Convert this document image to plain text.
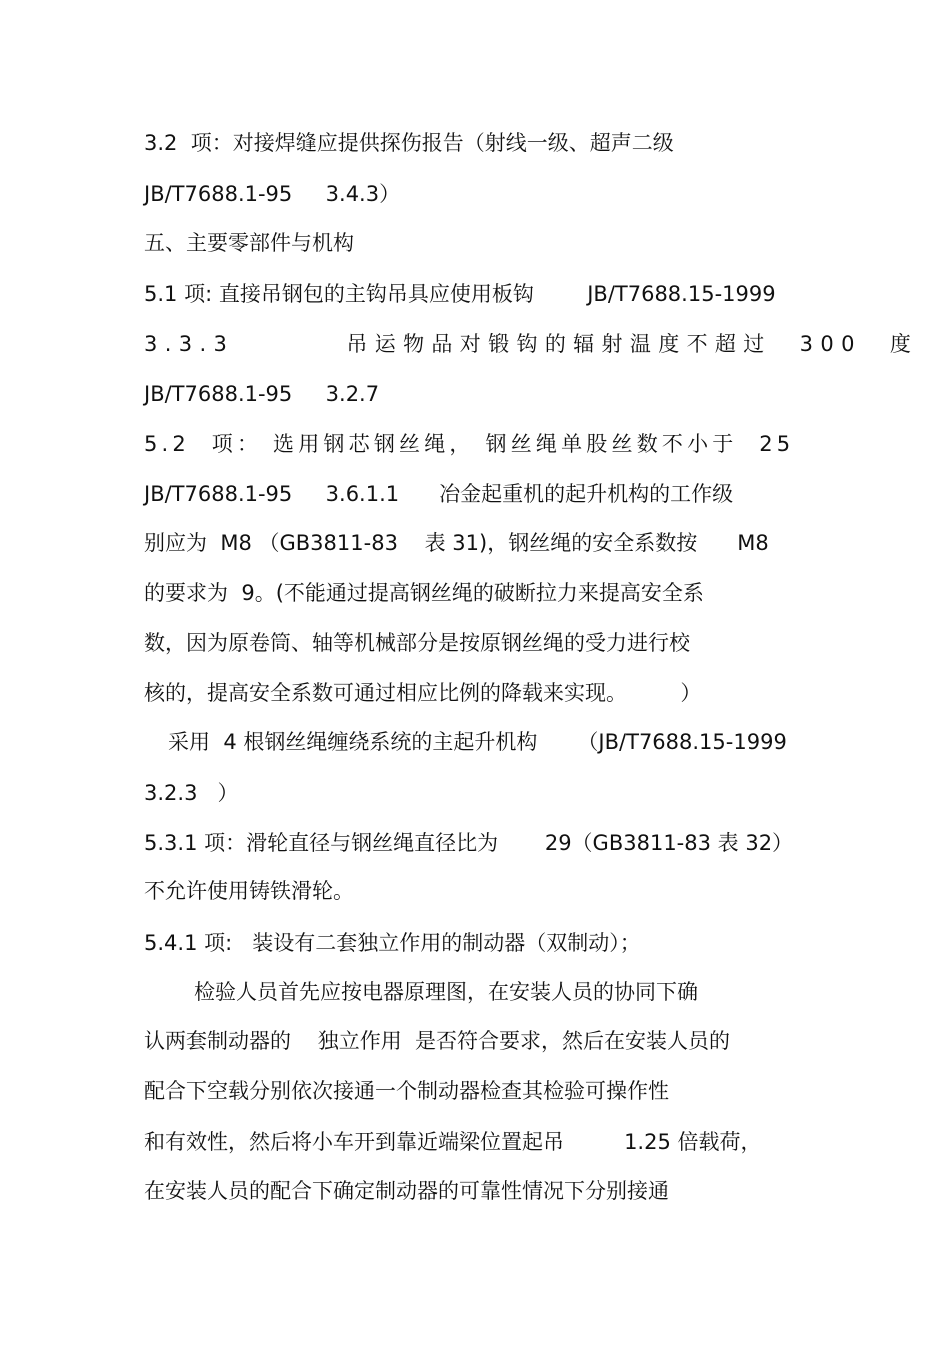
3.2  项：对接焊缝应提供探伤报告（射线一级、超声二级
JB/T7688.1-95     3.4.3）
五、主要零部件与机构
5.1 项: 直接吊钢包的主钩吊具应使用板钩        JB/T7688.15-1999
3.3.3        吊运物品对锻钩的辐射温度不超过  300  度
JB/T7688.1-95     3.2.7
5.2  项： 选用钢芯钢丝绳， 钢丝绳单股丝数不小于  25
JB/T7688.1-95     3.6.1.1      冶金起重机的起升机构的工作级
别应为  M8 （GB3811-83    表 31)，钢丝绳的安全系数按      M8
的要求为  9。(不能通过提高钢丝绳的破断拉力来提高安全系
数，因为原卷筒、轴等机械部分是按原钢丝绳的受力进行校
核的，提高安全系数可通过相应比例的降载来实现。        ）
采用  4 根钢丝绳缠绕系统的主起升机构      （JB/T7688.15-1999
3.2.3   ）
5.3.1 项：滑轮直径与钢丝绳直径比为       29（GB3811-83 表 32）
不允许使用铸铁滑轮。
5.4.1 项:   装设有二套独立作用的制动器（双制动）；
检验人员首先应按电器原理图，在安装人员的协同下确
认两套制动器的    独立作用  是否符合要求，然后在安装人员的
配合下空载分别依次接通一个制动器检查其检验可操作性
和有效性，然后将小车开到靠近端梁位置起吊         1.25 倍载荷，
在安装人员的配合下确定制动器的可靠性情况下分别接通
